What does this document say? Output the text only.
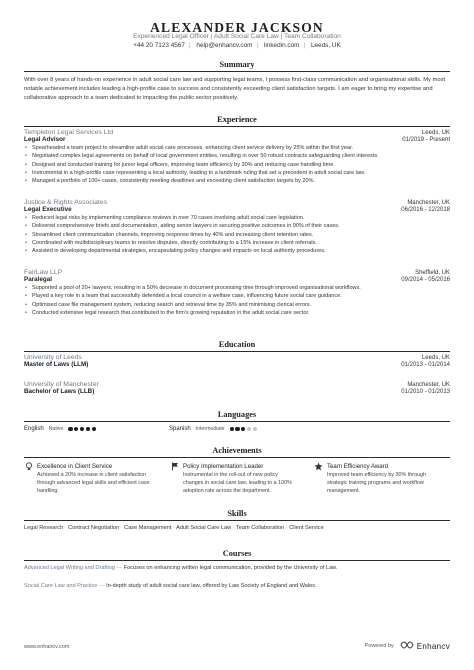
ALEXANDER JACKSON
Experienced Legal Officer | Adult Social Care Law | Team Collaboration
+44 20 7123 4567 | help@enhancv.com | linkedin.com | Leeds, UK
Summary
With over 8 years of hands-on experience in adult social care law and supporting legal teams, I possess first-class communication and organisational skills. My most
notable achievement includes leading a high-profile case to success and consistently exceeding client satisfaction targets. I am eager to bring my expertise and
collaborative approach to a team dedicated to impacting the public sector positively.
Experience
Templeton Legal Services Ltd	Leeds, UK
Legal Advisor	01/2019 - Present
• Spearheaded a team project to streamline adult social care processes, enhancing client service delivery by 25% within the first year.
• Negotiated complex legal agreements on behalf of local government entities, resulting in over 50 robust contracts safeguarding client interests.
• Designed and conducted training for junior legal officers, improving team efficiency by 30% and reducing case handling time.
• Instrumental in a high-profile case representing a local authority, leading to a landmark ruling that set a precedent in adult social care law.
• Managed a portfolio of 100+ cases, consistently meeting deadlines and exceeding client satisfaction targets by 20%.
Justice & Rights Associates	Manchester, UK
Legal Executive	06/2016 - 12/2018
• Reduced legal risks by implementing compliance reviews in over 70 cases involving adult social care legislation.
• Delivered comprehensive briefs and documentation, aiding senior lawyers in securing positive outcomes in 90% of their cases.
• Streamlined client communication channels, improving response times by 40% and increasing client retention rates.
• Coordinated with multidisciplinary teams to resolve disputes, directly contributing to a 15% increase in client referrals.
• Assisted in developing departmental strategies, encapsulating policy changes and impacts on local authority procedures.
FairLaw LLP	Sheffield, UK
Paralegal	09/2014 - 05/2016
• Supported a pool of 20+ lawyers, resulting in a 50% decrease in document processing time through improved organisational workflows.
• Played a key role in a team that successfully defended a local council in a welfare case, influencing future social care guidance.
• Optimised case file management system, reducing search and retrieval time by 35% and minimising clerical errors.
• Conducted extensive legal research that contributed to the firm's growing reputation in the adult social care sector.
Education
University of Leeds	Leeds, UK
Master of Laws (LLM)	01/2013 - 01/2014
University of Manchester	Manchester, UK
Bachelor of Laws (LLB)	01/2010 - 01/2013
Languages
English Native	Spanish Intermediate
Achievements
Excellence in Client Service
Achieved a 20% increase in client satisfaction
through advanced legal skills and efficient case
handling.
Policy Implementation Leader
Instrumental in the roll-out of new policy
changes in social care law, leading to a 100%
adoption rate across the department.
Team Efficiency Award
Improved team efficiency by 30% through
strategic training programs and workflow
management.
Skills
Legal Research · Contract Negotiation · Case Management · Adult Social Care Law · Team Collaboration · Client Service
Courses
Advanced Legal Writing and Drafting — Focuses on enhancing written legal communication, provided by the University of Law.
Social Care Law and Practice — In-depth study of adult social care law, offered by Law Society of England and Wales.
www.enhancv.com	Powered by	Enhancv
